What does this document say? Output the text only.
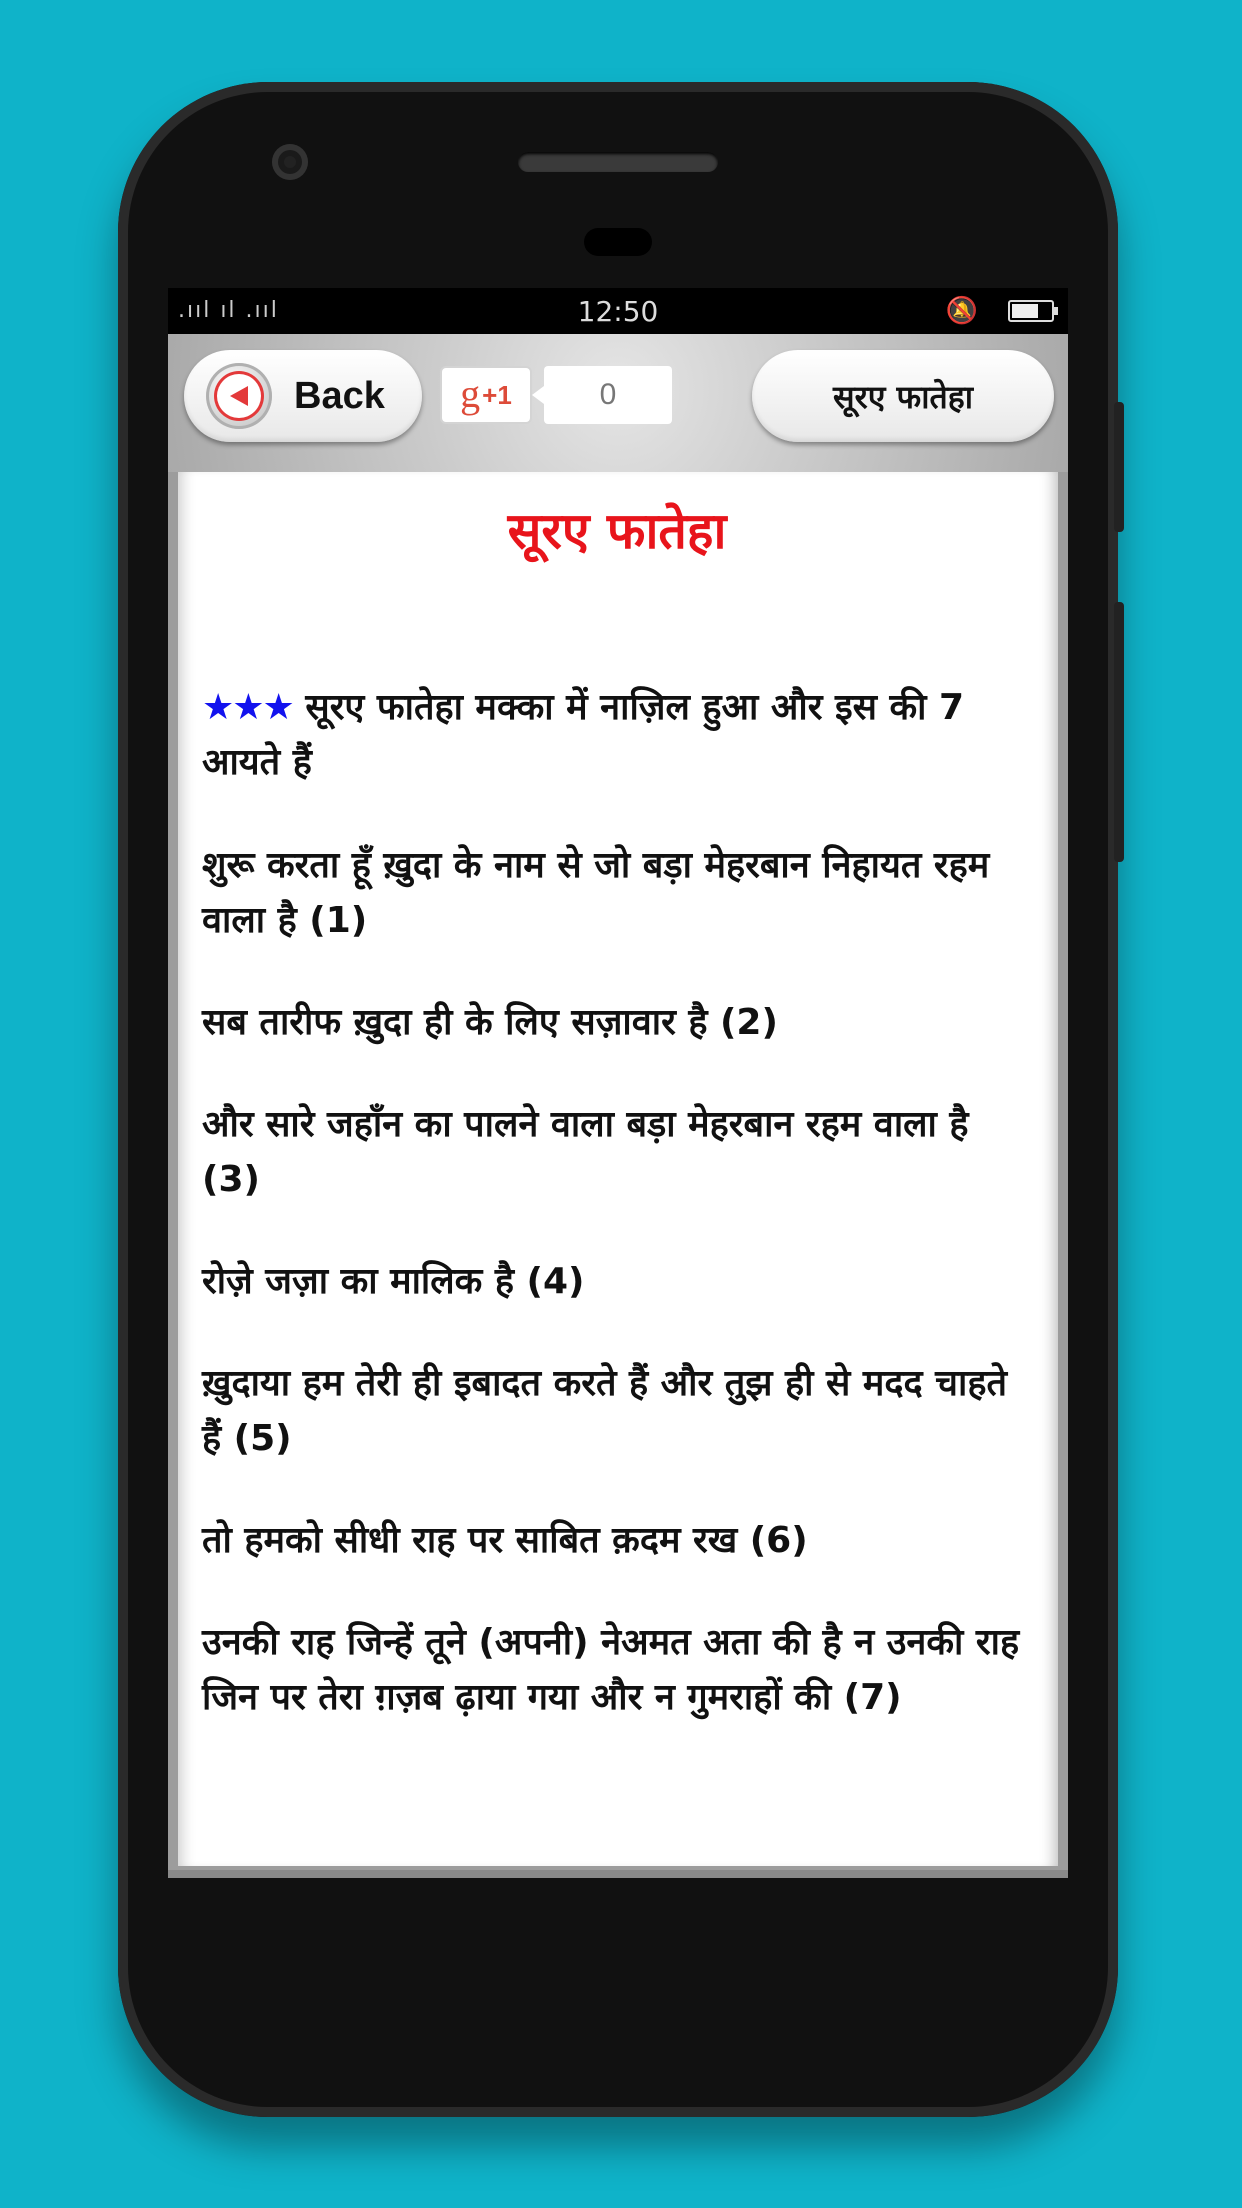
.ııl ıl .ııl	12:50	🔕
Back g +1	0	सूरए फातेहा
सूरए फातेहा

★★★ सूरए फातेहा मक्का में नाज़िल हुआ और इस की 7 आयते हैं

शुरू करता हूँ ख़ुदा के नाम से जो बड़ा मेहरबान निहायत रहम वाला है (1)

सब तारीफ ख़ुदा ही के लिए सज़ावार है (2)

और सारे जहाँन का पालने वाला बड़ा मेहरबान रहम वाला है (3)

रोज़े जज़ा का मालिक है (4)

ख़ुदाया हम तेरी ही इबादत करते हैं और तुझ ही से मदद चाहते हैं (5)

तो हमको सीधी राह पर साबित क़दम रख (6)

उनकी राह जिन्हें तूने (अपनी) नेअमत अता की है न उनकी राह जिन पर तेरा ग़ज़ब ढ़ाया गया और न गुमराहों की (7)
